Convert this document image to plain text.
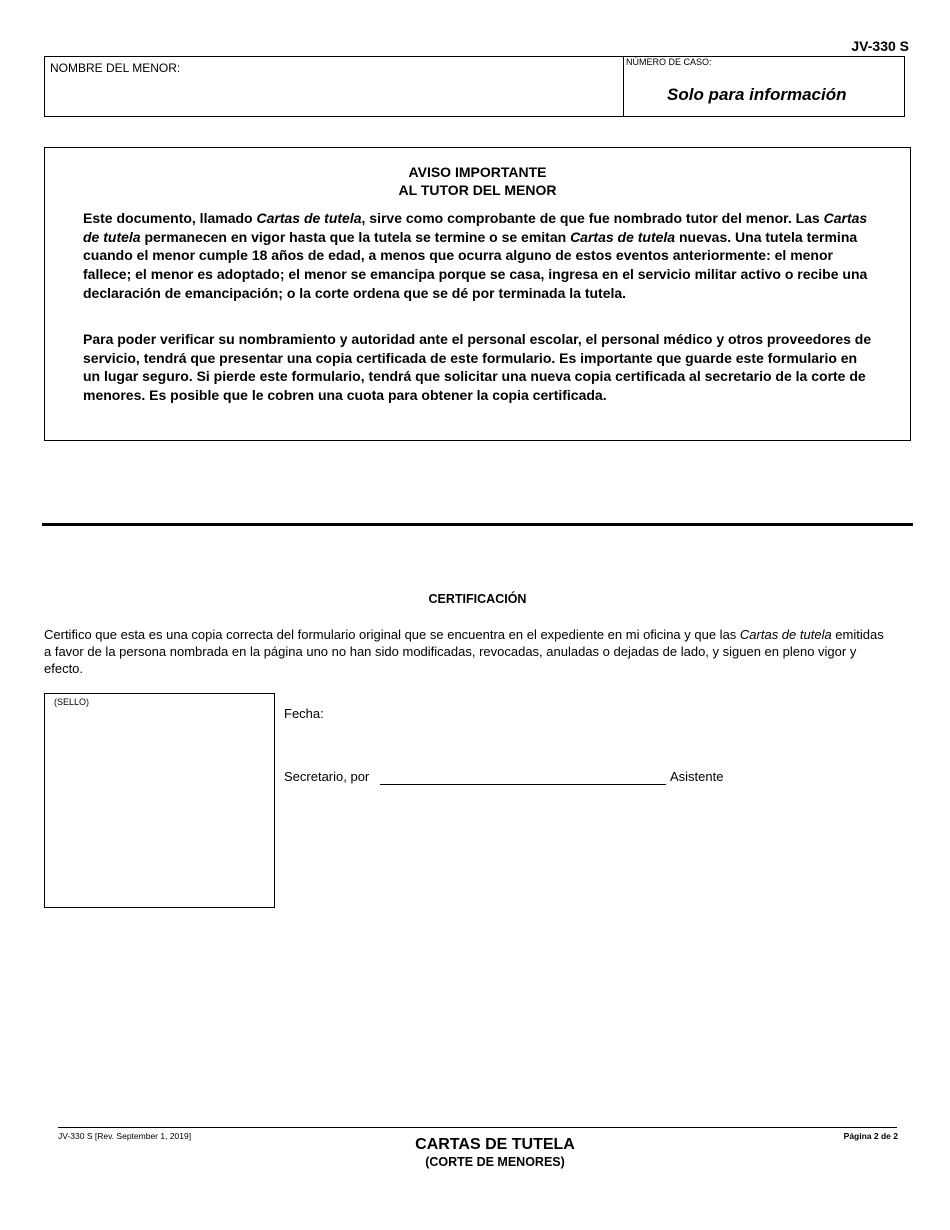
JV-330 S
NOMBRE DEL MENOR:	NÚMERO DE CASO:
Solo para información
AVISO IMPORTANTE
AL TUTOR DEL MENOR

Este documento, llamado Cartas de tutela, sirve como comprobante de que fue nombrado tutor del menor. Las Cartas de tutela permanecen en vigor hasta que la tutela se termine o se emitan Cartas de tutela nuevas. Una tutela termina cuando el menor cumple 18 años de edad, a menos que ocurra alguno de estos eventos anteriormente: el menor fallece; el menor es adoptado; el menor se emancipa porque se casa, ingresa en el servicio militar activo o recibe una declaración de emancipación; o la corte ordena que se dé por terminada la tutela.

Para poder verificar su nombramiento y autoridad ante el personal escolar, el personal médico y otros proveedores de servicio, tendrá que presentar una copia certificada de este formulario. Es importante que guarde este formulario en un lugar seguro. Si pierde este formulario, tendrá que solicitar una nueva copia certificada al secretario de la corte de menores. Es posible que le cobren una cuota para obtener la copia certificada.

CERTIFICACIÓN

Certifico que esta es una copia correcta del formulario original que se encuentra en el expediente en mi oficina y que las Cartas de tutela emitidas a favor de la persona nombrada en la página uno no han sido modificadas, revocadas, anuladas o dejadas de lado, y siguen en pleno vigor y efecto.

(SELLO)
Fecha:
Secretario, por	Asistente
JV-330 S [Rev. September 1, 2019]	CARTAS DE TUTELA
(CORTE DE MENORES)
Página 2 de 2
